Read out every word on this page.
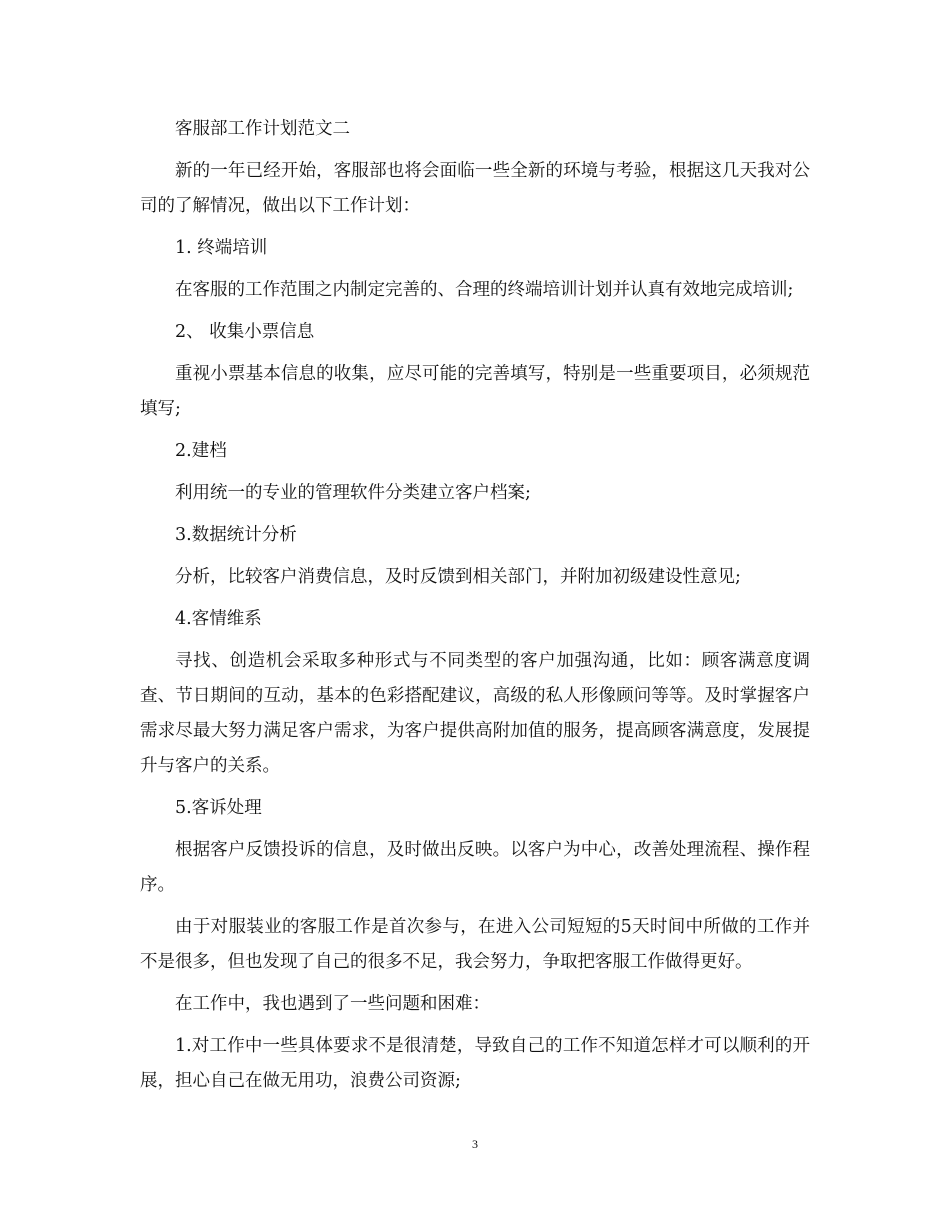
客服部工作计划范文二

新的一年已经开始，客服部也将会面临一些全新的环境与考验，根据这几天我对公司的了解情况，做出以下工作计划：

1. 终端培训

在客服的工作范围之内制定完善的、合理的终端培训计划并认真有效地完成培训;

2、 收集小票信息

重视小票基本信息的收集，应尽可能的完善填写，特别是一些重要项目，必须规范填写;

2.建档

利用统一的专业的管理软件分类建立客户档案;

3.数据统计分析

分析，比较客户消费信息，及时反馈到相关部门，并附加初级建设性意见;

4.客情维系

寻找、创造机会采取多种形式与不同类型的客户加强沟通，比如：顾客满意度调查、节日期间的互动，基本的色彩搭配建议，高级的私人形像顾问等等。及时掌握客户需求尽最大努力满足客户需求，为客户提供高附加值的服务，提高顾客满意度，发展提升与客户的关系。

5.客诉处理

根据客户反馈投诉的信息，及时做出反映。以客户为中心，改善处理流程、操作程序。

由于对服装业的客服工作是首次参与，在进入公司短短的5天时间中所做的工作并不是很多，但也发现了自己的很多不足，我会努力，争取把客服工作做得更好。

在工作中，我也遇到了一些问题和困难：

1.对工作中一些具体要求不是很清楚，导致自己的工作不知道怎样才可以顺利的开展，担心自己在做无用功，浪费公司资源;

3
